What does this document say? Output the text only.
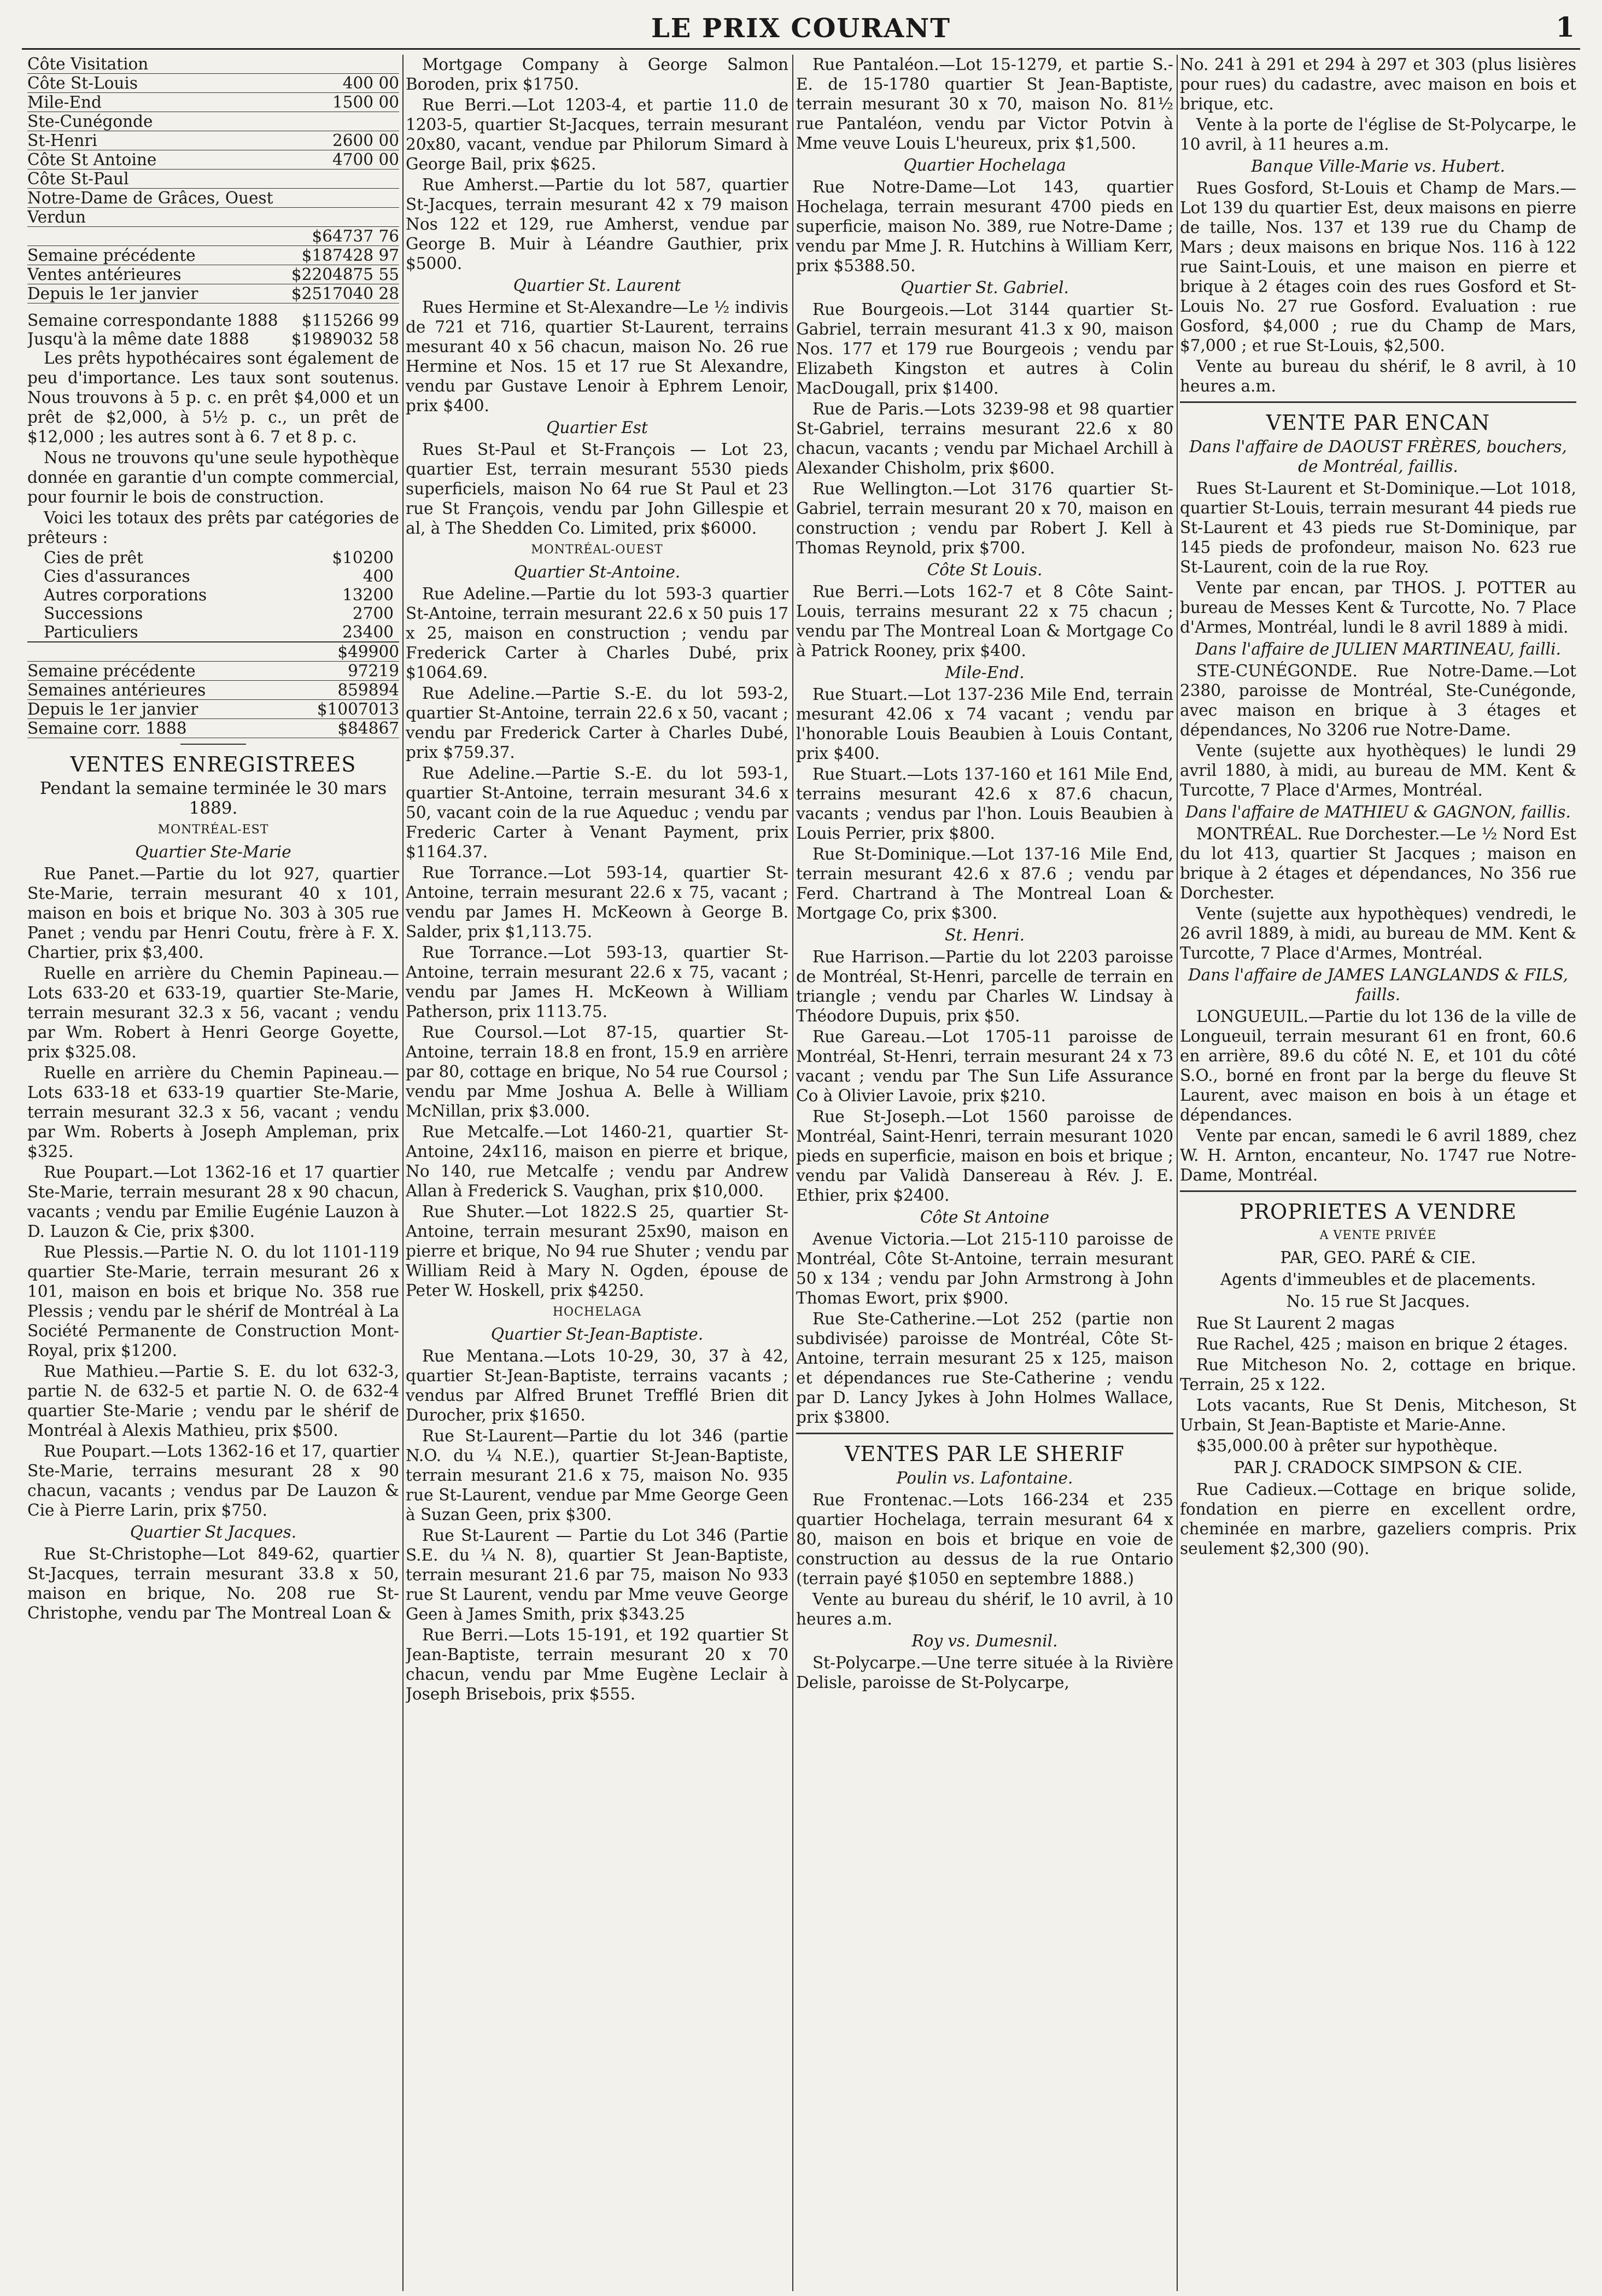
LE PRIX COURANT	1
Côte Visitation
Côte St-Louis	400 00
Mile-End	1500 00
Ste-Cunégonde
St-Henri	2600 00
Côte St Antoine	4700 00
Côte St-Paul
Notre-Dame de Grâces, Ouest
Verdun
$64737 76
Semaine précédente	$187428 97
Ventes antérieures	$2204875 55
Depuis le 1er janvier	$2517040 28
Semaine correspondante 1888 $115266 99
Jusqu'à la même date 1888	$1989032 58

Les prêts hypothécaires sont également de peu d'importance. Les taux sont soutenus. Nous trouvons à 5 p. c. en prêt $4,000 et un prêt de $2,000, à 5½ p. c., un prêt de $12,000 ; les autres sont à 6. 7 et 8 p. c.

Nous ne trouvons qu'une seule hypothèque donnée en garantie d'un compte commercial, pour fournir le bois de construction.

Voici les totaux des prêts par catégories de prêteurs :

Cies de prêt	$10200
Cies d'assurances	400
Autres corporations	13200
Successions	2700
Particuliers	23400
$49900
Semaine précédente	97219
Semaines antérieures	859894
Depuis le 1er janvier	$1007013
Semaine corr. 1888	$84867
VENTES ENREGISTREES

Pendant la semaine terminée le 30 mars 1889.

MONTRÉAL-EST

Quartier Ste-Marie

Rue Panet.—Partie du lot 927, quartier Ste-Marie, terrain mesurant 40 x 101, maison en bois et brique No. 303 à 305 rue Panet ; vendu par Henri Coutu, frère à F. X. Chartier, prix $3,400.

Ruelle en arrière du Chemin Papineau.—Lots 633-20 et 633-19, quartier Ste-Marie, terrain mesurant 32.3 x 56, vacant ; vendu par Wm. Robert à Henri George Goyette, prix $325.08.

Ruelle en arrière du Chemin Papineau.—Lots 633-18 et 633-19 quartier Ste-Marie, terrain mesurant 32.3 x 56, vacant ; vendu par Wm. Roberts à Joseph Ampleman, prix $325.

Rue Poupart.—Lot 1362-16 et 17 quartier Ste-Marie, terrain mesurant 28 x 90 chacun, vacants ; vendu par Emilie Eugénie Lauzon à D. Lauzon & Cie, prix $300.

Rue Plessis.—Partie N. O. du lot 1101-119 quartier Ste-Marie, terrain mesurant 26 x 101, maison en bois et brique No. 358 rue Plessis ; vendu par le shérif de Montréal à La Société Permanente de Construction Mont-Royal, prix $1200.

Rue Mathieu.—Partie S. E. du lot 632-3, partie N. de 632-5 et partie N. O. de 632-4 quartier Ste-Marie ; vendu par le shérif de Montréal à Alexis Mathieu, prix $500.

Rue Poupart.—Lots 1362-16 et 17, quartier Ste-Marie, terrains mesurant 28 x 90 chacun, vacants ; vendus par De Lauzon & Cie à Pierre Larin, prix $750.

Quartier St Jacques.

Rue St-Christophe—Lot 849-62, quartier St-Jacques, terrain mesurant 33.8 x 50, maison en brique, No. 208 rue St-Christophe, vendu par The Montreal Loan &

Mortgage Company à George Salmon Boroden, prix $1750.

Rue Berri.—Lot 1203-4, et partie 11.0 de 1203-5, quartier St-Jacques, terrain mesurant 20x80, vacant, vendue par Philorum Simard à George Bail, prix $625.

Rue Amherst.—Partie du lot 587, quartier St-Jacques, terrain mesurant 42 x 79 maison Nos 122 et 129, rue Amherst, vendue par George B. Muir à Léandre Gauthier, prix $5000.

Quartier St. Laurent

Rues Hermine et St-Alexandre—Le ½ indivis de 721 et 716, quartier St-Laurent, terrains mesurant 40 x 56 chacun, maison No. 26 rue Hermine et Nos. 15 et 17 rue St Alexandre, vendu par Gustave Lenoir à Ephrem Lenoir, prix $400.

Quartier Est

Rues St-Paul et St-François — Lot 23, quartier Est, terrain mesurant 5530 pieds superficiels, maison No 64 rue St Paul et 23 rue St François, vendu par John Gillespie et al, à The Shedden Co. Limited, prix $6000.

MONTRÉAL-OUEST

Quartier St-Antoine.

Rue Adeline.—Partie du lot 593-3 quartier St-Antoine, terrain mesurant 22.6 x 50 puis 17 x 25, maison en construction ; vendu par Frederick Carter à Charles Dubé, prix $1064.69.

Rue Adeline.—Partie S.-E. du lot 593-2, quartier St-Antoine, terrain 22.6 x 50, vacant ; vendu par Frederick Carter à Charles Dubé, prix $759.37.

Rue Adeline.—Partie S.-E. du lot 593-1, quartier St-Antoine, terrain mesurant 34.6 x 50, vacant coin de la rue Aqueduc ; vendu par Frederic Carter à Venant Payment, prix $1164.37.

Rue Torrance.—Lot 593-14, quartier St-Antoine, terrain mesurant 22.6 x 75, vacant ; vendu par James H. McKeown à George B. Salder, prix $1,113.75.

Rue Torrance.—Lot 593-13, quartier St-Antoine, terrain mesurant 22.6 x 75, vacant ; vendu par James H. McKeown à William Patherson, prix 1113.75.

Rue Coursol.—Lot 87-15, quartier St-Antoine, terrain 18.8 en front, 15.9 en arrière par 80, cottage en brique, No 54 rue Coursol ; vendu par Mme Joshua A. Belle à William McNillan, prix $3.000.

Rue Metcalfe.—Lot 1460-21, quartier St-Antoine, 24x116, maison en pierre et brique, No 140, rue Metcalfe ; vendu par Andrew Allan à Frederick S. Vaughan, prix $10,000.

Rue Shuter.—Lot 1822.S 25, quartier St-Antoine, terrain mesurant 25x90, maison en pierre et brique, No 94 rue Shuter ; vendu par William Reid à Mary N. Ogden, épouse de Peter W. Hoskell, prix $4250.

HOCHELAGA

Quartier St-Jean-Baptiste.

Rue Mentana.—Lots 10-29, 30, 37 à 42, quartier St-Jean-Baptiste, terrains vacants ; vendus par Alfred Brunet Trefflé Brien dit Durocher, prix $1650.

Rue St-Laurent—Partie du lot 346 (partie N.O. du ¼ N.E.), quartier St-Jean-Baptiste, terrain mesurant 21.6 x 75, maison No. 935 rue St-Laurent, vendue par Mme George Geen à Suzan Geen, prix $300.

Rue St-Laurent — Partie du Lot 346 (Partie S.E. du ¼ N. 8), quartier St Jean-Baptiste, terrain mesurant 21.6 par 75, maison No 933 rue St Laurent, vendu par Mme veuve George Geen à James Smith, prix $343.25

Rue Berri.—Lots 15-191, et 192 quartier St Jean-Baptiste, terrain mesurant 20 x 70 chacun, vendu par Mme Eugène Leclair à Joseph Brisebois, prix $555.

Rue Pantaléon.—Lot 15-1279, et partie S.-E. de 15-1780 quartier St Jean-Baptiste, terrain mesurant 30 x 70, maison No. 81½ rue Pantaléon, vendu par Victor Potvin à Mme veuve Louis L'heureux, prix $1,500.

Quartier Hochelaga

Rue Notre-Dame—Lot 143, quartier Hochelaga, terrain mesurant 4700 pieds en superficie, maison No. 389, rue Notre-Dame ; vendu par Mme J. R. Hutchins à William Kerr, prix $5388.50.

Quartier St. Gabriel.

Rue Bourgeois.—Lot 3144 quartier St-Gabriel, terrain mesurant 41.3 x 90, maison Nos. 177 et 179 rue Bourgeois ; vendu par Elizabeth Kingston et autres à Colin MacDougall, prix $1400.

Rue de Paris.—Lots 3239-98 et 98 quartier St-Gabriel, terrains mesurant 22.6 x 80 chacun, vacants ; vendu par Michael Archill à Alexander Chisholm, prix $600.

Rue Wellington.—Lot 3176 quartier St-Gabriel, terrain mesurant 20 x 70, maison en construction ; vendu par Robert J. Kell à Thomas Reynold, prix $700.

Côte St Louis.

Rue Berri.—Lots 162-7 et 8 Côte Saint-Louis, terrains mesurant 22 x 75 chacun ; vendu par The Montreal Loan & Mortgage Co à Patrick Rooney, prix $400.

Mile-End.

Rue Stuart.—Lot 137-236 Mile End, terrain mesurant 42.06 x 74 vacant ; vendu par l'honorable Louis Beaubien à Louis Contant, prix $400.

Rue Stuart.—Lots 137-160 et 161 Mile End, terrains mesurant 42.6 x 87.6 chacun, vacants ; vendus par l'hon. Louis Beaubien à Louis Perrier, prix $800.

Rue St-Dominique.—Lot 137-16 Mile End, terrain mesurant 42.6 x 87.6 ; vendu par Ferd. Chartrand à The Montreal Loan & Mortgage Co, prix $300.

St. Henri.

Rue Harrison.—Partie du lot 2203 paroisse de Montréal, St-Henri, parcelle de terrain en triangle ; vendu par Charles W. Lindsay à Théodore Dupuis, prix $50.

Rue Gareau.—Lot 1705-11 paroisse de Montréal, St-Henri, terrain mesurant 24 x 73 vacant ; vendu par The Sun Life Assurance Co à Olivier Lavoie, prix $210.

Rue St-Joseph.—Lot 1560 paroisse de Montréal, Saint-Henri, terrain mesurant 1020 pieds en superficie, maison en bois et brique ; vendu par Validà Dansereau à Rév. J. E. Ethier, prix $2400.

Côte St Antoine

Avenue Victoria.—Lot 215-110 paroisse de Montréal, Côte St-Antoine, terrain mesurant 50 x 134 ; vendu par John Armstrong à John Thomas Ewort, prix $900.

Rue Ste-Catherine.—Lot 252 (partie non subdivisée) paroisse de Montréal, Côte St-Antoine, terrain mesurant 25 x 125, maison et dépendances rue Ste-Catherine ; vendu par D. Lancy Jykes à John Holmes Wallace, prix $3800.

VENTES PAR LE SHERIF

Poulin vs. Lafontaine.

Rue Frontenac.—Lots 166-234 et 235 quartier Hochelaga, terrain mesurant 64 x 80, maison en bois et brique en voie de construction au dessus de la rue Ontario (terrain payé $1050 en septembre 1888.)

Vente au bureau du shérif, le 10 avril, à 10 heures a.m.

Roy vs. Dumesnil.

St-Polycarpe.—Une terre située à la Rivière Delisle, paroisse de St-Polycarpe,

No. 241 à 291 et 294 à 297 et 303 (plus lisières pour rues) du cadastre, avec maison en bois et brique, etc.

Vente à la porte de l'église de St-Polycarpe, le 10 avril, à 11 heures a.m.

Banque Ville-Marie vs. Hubert.

Rues Gosford, St-Louis et Champ de Mars.—Lot 139 du quartier Est, deux maisons en pierre de taille, Nos. 137 et 139 rue du Champ de Mars ; deux maisons en brique Nos. 116 à 122 rue Saint-Louis, et une maison en pierre et brique à 2 étages coin des rues Gosford et St-Louis No. 27 rue Gosford. Evaluation : rue Gosford, $4,000 ; rue du Champ de Mars, $7,000 ; et rue St-Louis, $2,500.

Vente au bureau du shérif, le 8 avril, à 10 heures a.m.

VENTE PAR ENCAN

Dans l'affaire de DAOUST FRÈRES, bouchers, de Montréal, faillis.

Rues St-Laurent et St-Dominique.—Lot 1018, quartier St-Louis, terrain mesurant 44 pieds rue St-Laurent et 43 pieds rue St-Dominique, par 145 pieds de profondeur, maison No. 623 rue St-Laurent, coin de la rue Roy.

Vente par encan, par THOS. J. POTTER au bureau de Messes Kent & Turcotte, No. 7 Place d'Armes, Montréal, lundi le 8 avril 1889 à midi.

Dans l'affaire de JULIEN MARTINEAU, failli.

STE-CUNÉGONDE. Rue Notre-Dame.—Lot 2380, paroisse de Montréal, Ste-Cunégonde, avec maison en brique à 3 étages et dépendances, No 3206 rue Notre-Dame.

Vente (sujette aux hyothèques) le lundi 29 avril 1880, à midi, au bureau de MM. Kent & Turcotte, 7 Place d'Armes, Montréal.

Dans l'affaire de MATHIEU & GAGNON, faillis.

MONTRÉAL. Rue Dorchester.—Le ½ Nord Est du lot 413, quartier St Jacques ; maison en brique à 2 étages et dépendances, No 356 rue Dorchester.

Vente (sujette aux hypothèques) vendredi, le 26 avril 1889, à midi, au bureau de MM. Kent & Turcotte, 7 Place d'Armes, Montréal.

Dans l'affaire de JAMES LANGLANDS & FILS, faills.

LONGUEUIL.—Partie du lot 136 de la ville de Longueuil, terrain mesurant 61 en front, 60.6 en arrière, 89.6 du côté N. E, et 101 du côté S.O., borné en front par la berge du fleuve St Laurent, avec maison en bois à un étage et dépendances.

Vente par encan, samedi le 6 avril 1889, chez W. H. Arnton, encanteur, No. 1747 rue Notre-Dame, Montréal.

PROPRIETES A VENDRE

A VENTE PRIVÉE

PAR, GEO. PARÉ & CIE.

Agents d'immeubles et de placements.

No. 15 rue St Jacques.

Rue St Laurent 2 magas

Rue Rachel, 425 ; maison en brique 2 étages.

Rue Mitcheson No. 2, cottage en brique. Terrain, 25 x 122.

Lots vacants, Rue St Denis, Mitcheson, St Urbain, St Jean-Baptiste et Marie-Anne.

$35,000.00 à prêter sur hypothèque.

PAR J. CRADOCK SIMPSON & CIE.

Rue Cadieux.—Cottage en brique solide, fondation en pierre en excellent ordre, cheminée en marbre, gazeliers compris. Prix seulement $2,300 (90).
